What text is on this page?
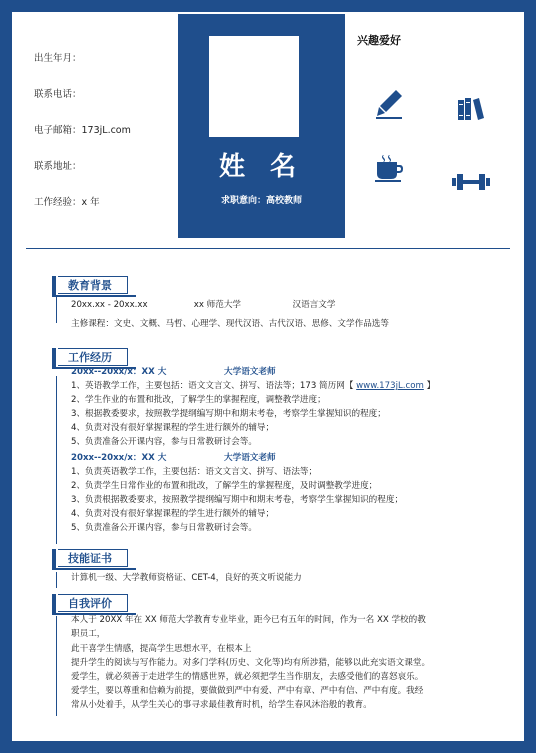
出生年月：
联系电话：
电子邮箱：173jL.com
联系地址：
工作经验：x 年
姓 名
求职意向：高校教师
兴趣爱好
教育背景
20xx.xx - 20xx.xx	xx 师范大学	汉语言文学
主修课程：文史、文概、马哲、心理学、现代汉语、古代汉语、思修、文学作品选等
工作经历
20xx--20xx/x：XX 大	大学语文老师
1、英语教学工作，主要包括：语文文言文、拼写、语法等；173 简历网【 www.173jL.com 】
2、学生作业的布置和批改，了解学生的掌握程度，调整教学进度；
3、根据教委要求，按照教学提纲编写期中和期末考卷，考察学生掌握知识的程度；
4、负责对没有很好掌握课程的学生进行额外的辅导；
5、负责准备公开课内容，参与日常教研讨会等。
20xx--20xx/x：XX 大	大学语文老师
1、负责英语教学工作，主要包括：语文文言文、拼写、语法等；
2、负责学生日常作业的布置和批改，了解学生的掌握程度，及时调整教学进度；
3、负责根据教委要求，按照教学提纲编写期中和期末考卷，考察学生掌握知识的程度；
4、负责对没有很好掌握课程的学生进行额外的辅导；
5、负责准备公开课内容，参与日常教研讨会等。
技能证书
计算机一级、大学教师资格证、CET-4，良好的英文听说能力
自我评价
本人于 20XX 年在 XX 师范大学教育专业毕业，距今已有五年的时间，作为一名 XX 学校的教
职员工，
此干喜学生情感，提高学生思想水平，在根本上
提升学生的阅读与写作能力。对多门学科(历史、文化等)均有所涉猎，能够以此充实语文课堂。
爱学生，就必须善于走进学生的情感世界，就必须把学生当作朋友，去感受他们的喜怒哀乐。
爱学生，要以尊重和信赖为前提，要做做到严中有爱、严中有章、严中有信、严中有度。我经
常从小处着手，从学生关心的事寻求最佳教育时机，给学生春风沐浴般的教育。
